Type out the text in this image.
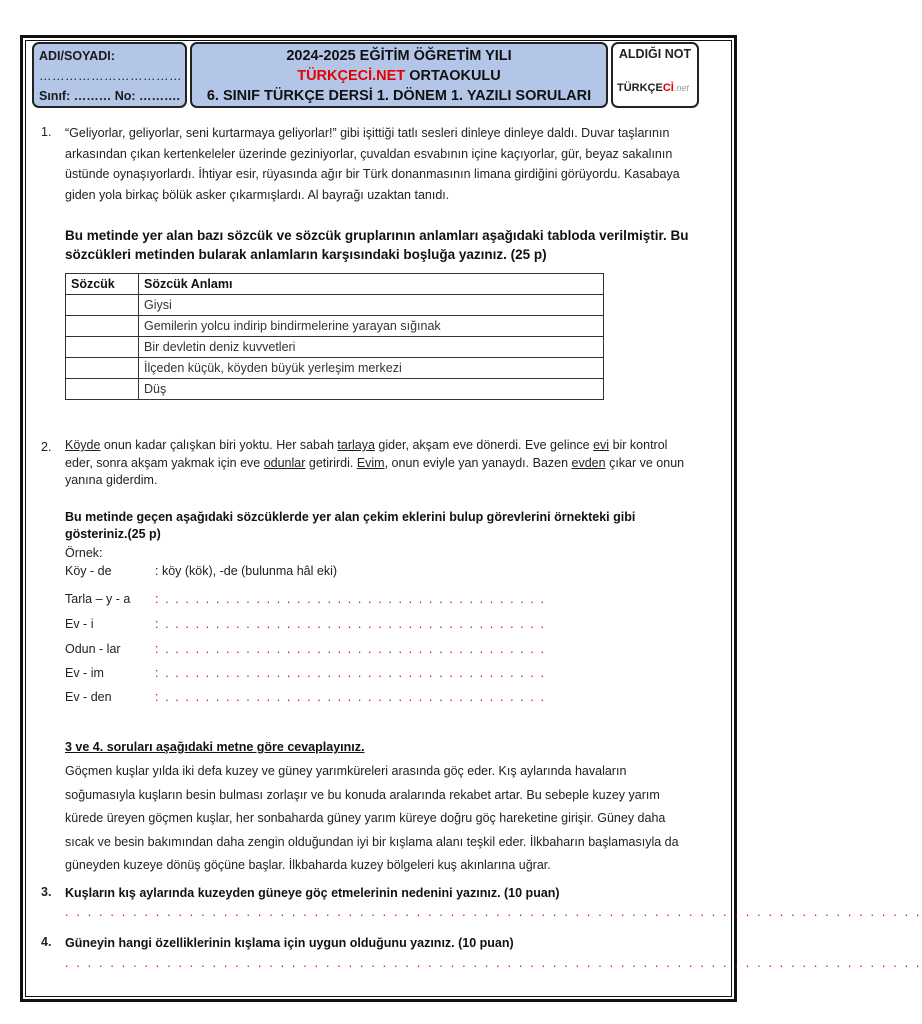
ADI/SOYADI:
……………………………
Sınıf: ……… No: ……….
2024-2025 EĞİTİM ÖĞRETİM YILI
TÜRKÇECİ.NET ORTAOKULU
6. SINIF TÜRKÇE DERSİ 1. DÖNEM 1. YAZILI SORULARI
ALDIĞI NOT
TÜRKÇECİ.net
1. “Geliyorlar, geliyorlar, seni kurtarmaya geliyorlar!” gibi işittiği tatlı sesleri dinleye dinleye daldı. Duvar taşlarının arkasından çıkan kertenkeleler üzerinde geziniyorlar, çuvaldan esvabının içine kaçıyorlar, gür, beyaz sakalının üstünde oynaşıyorlardı. İhtiyar esir, rüyasında ağır bir Türk donanmasının limana girdiğini görüyordu. Kasabaya giden yola birkaç bölük asker çıkarmışlardı. Al bayrağı uzaktan tanıdı.
Bu metinde yer alan bazı sözcük ve sözcük gruplarının anlamları aşağıdaki tabloda verilmiştir. Bu sözcükleri metinden bularak anlamların karşısındaki boşluğa yazınız. (25 p)
Sözcük	Sözcük Anlamı
	Giysi
	Gemilerin yolcu indirip bindirmelerine yarayan sığınak
	Bir devletin deniz kuvvetleri
	İlçeden küçük, köyden büyük yerleşim merkezi
	Düş
2. Köyde onun kadar çalışkan biri yoktu. Her sabah tarlaya gider, akşam eve dönerdi. Eve gelince evi bir kontrol eder, sonra akşam yakmak için eve odunlar getirirdi. Evim, onun eviyle yan yanaydı. Bazen evden çıkar ve onun yanına giderdim.
Bu metinde geçen aşağıdaki sözcüklerde yer alan çekim eklerini bulup görevlerini örnekteki gibi gösteriniz.(25 p)
Örnek:
Köy - de	: köy (kök), -de (bulunma hâl eki)
Tarla – y - a : . . . . . . . . . . . . . . . . . . . . . . . . . . . . . . . . . . . . . .
Ev - i	: . . . . . . . . . . . . . . . . . . . . . . . . . . . . . . . . . . . . . .
Odun - lar	: . . . . . . . . . . . . . . . . . . . . . . . . . . . . . . . . . . . . . .
Ev - im	: . . . . . . . . . . . . . . . . . . . . . . . . . . . . . . . . . . . . . .
Ev - den	: . . . . . . . . . . . . . . . . . . . . . . . . . . . . . . . . . . . . . .
3 ve 4. soruları aşağıdaki metne göre cevaplayınız.
Göçmen kuşlar yılda iki defa kuzey ve güney yarımküreleri arasında göç eder. Kış aylarında havaların soğumasıyla kuşların besin bulması zorlaşır ve bu konuda aralarında rekabet artar. Bu sebeple kuzey yarım kürede üreyen göçmen kuşlar, her sonbaharda güney yarım küreye doğru göç hareketine girişir. Güney daha sıcak ve besin bakımından daha zengin olduğundan iyi bir kışlama alanı teşkil eder. İlkbaharın başlamasıyla da güneyden kuzeye dönüş göçüne başlar. İlkbaharda kuzey bölgeleri kuş akınlarına uğrar.
3. Kuşların kış aylarında kuzeyden güneye göç etmelerinin nedenini yazınız. (10 puan)
. . . . . . . . . . . . . . . . . . . . . . . . . . . . . . . . . . . . . . . . . . . . . . . . . . . . . . . . . . . . . . . . . . . . . . . . . . . .
4. Güneyin hangi özelliklerinin kışlama için uygun olduğunu yazınız. (10 puan)
. . . . . . . . . . . . . . . . . . . . . . . . . . . . . . . . . . . . . . . . . . . . . . . . . . . . . . . . . . . . . . . . . . . . . . . . . . . .
